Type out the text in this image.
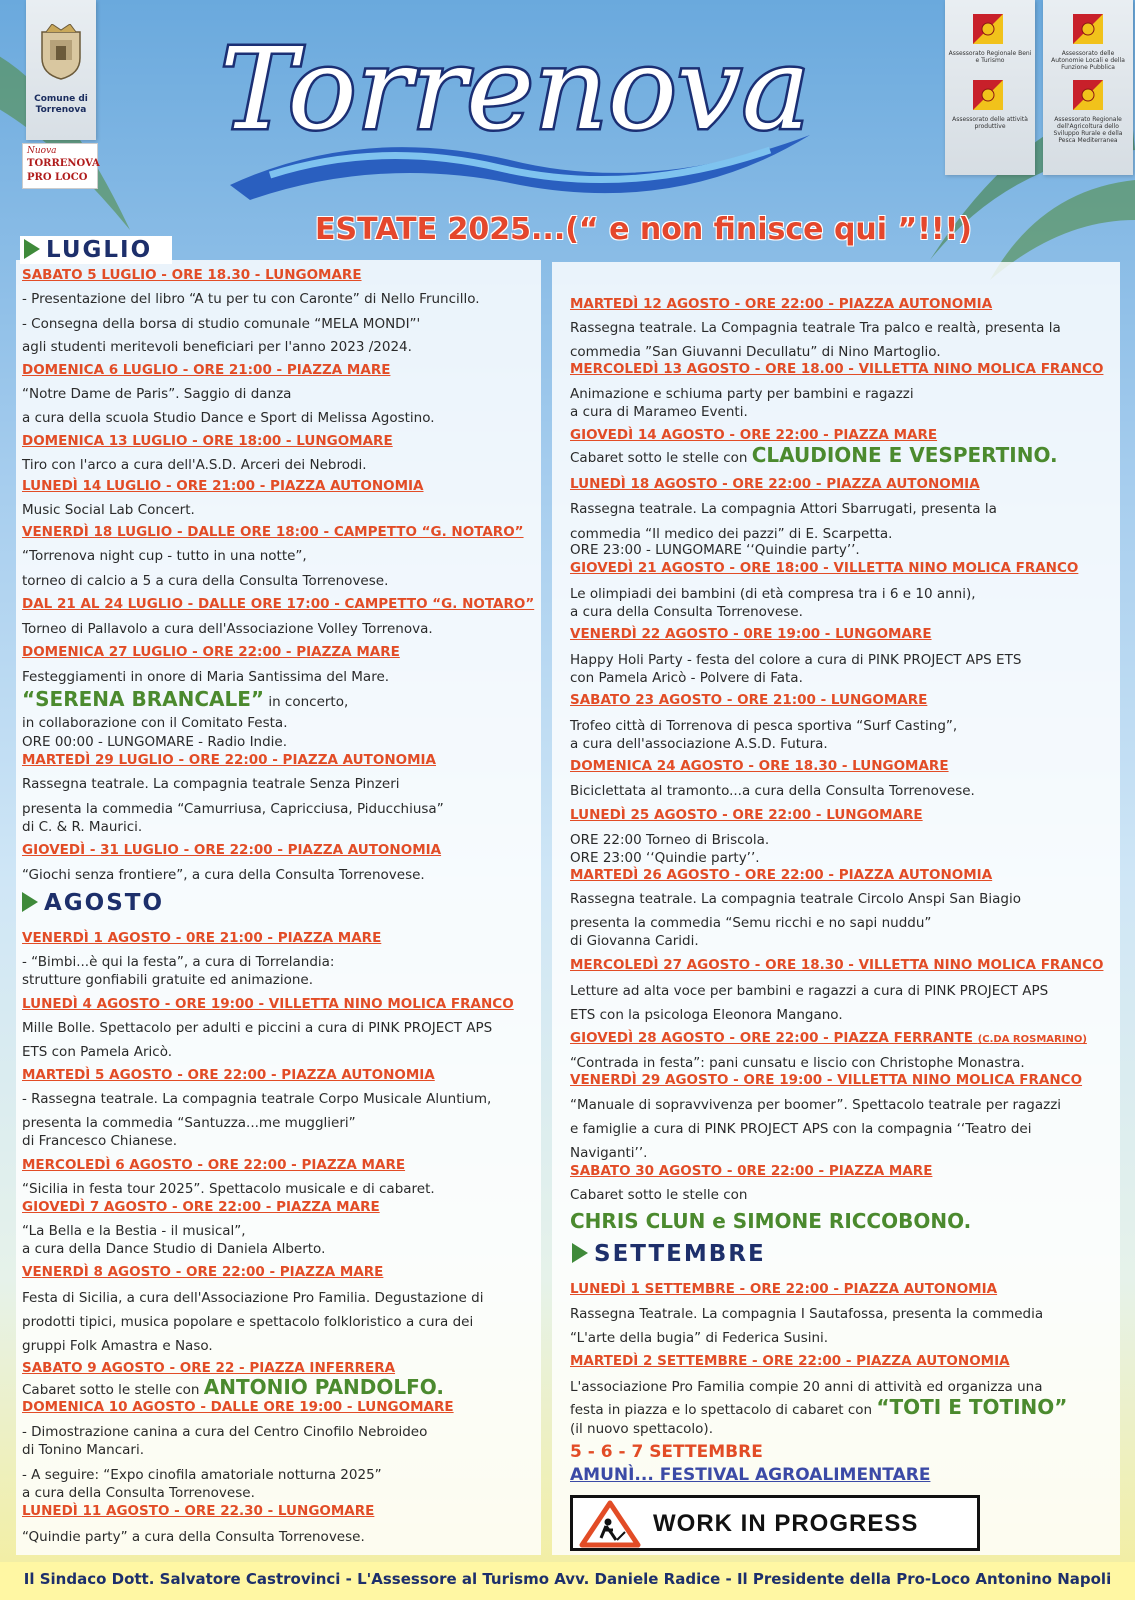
Comune di Torrenova
Nuova
TORRENOVA
PRO LOCO
Assessorato Regionale Beni e Turismo
Assessorato delle attività produttive
Assessorato delle Autonomie Locali e della Funzione Pubblica
Assessorato Regionale dell'Agricoltura dello Sviluppo Rurale e della Pesca Mediterranea
Torrenova
ESTATE 2025...(“ e non finisce qui ”!!!)
LUGLIO
SABATO 5 LUGLIO - ORE 18.30 - LUNGOMARE
- Presentazione del libro “A tu per tu con Caronte” di Nello Fruncillo.
- Consegna della borsa di studio comunale “MELA MONDI”'
agli studenti meritevoli beneficiari per l'anno 2023 /2024.
DOMENICA 6 LUGLIO - ORE 21:00 - PIAZZA MARE
“Notre Dame de Paris”. Saggio di danza
a cura della scuola Studio Dance e Sport di Melissa Agostino.
DOMENICA 13 LUGLIO - ORE 18:00 - LUNGOMARE
Tiro con l'arco a cura dell'A.S.D. Arceri dei Nebrodi.
LUNEDÌ 14 LUGLIO - ORE 21:00 - PIAZZA AUTONOMIA
Music Social Lab Concert.
VENERDÌ 18 LUGLIO - DALLE ORE 18:00 - CAMPETTO “G. NOTARO”
“Torrenova night cup - tutto in una notte”,
torneo di calcio a 5 a cura della Consulta Torrenovese.
DAL 21 AL 24 LUGLIO - DALLE ORE 17:00 - CAMPETTO “G. NOTARO”
Torneo di Pallavolo a cura dell'Associazione Volley Torrenova.
DOMENICA 27 LUGLIO - ORE 22:00 - PIAZZA MARE
Festeggiamenti in onore di Maria Santissima del Mare.
“SERENA BRANCALE” in concerto,
in collaborazione con il Comitato Festa.
ORE 00:00 - LUNGOMARE - Radio Indie.
MARTEDÌ 29 LUGLIO - ORE 22:00 - PIAZZA AUTONOMIA
Rassegna teatrale. La compagnia teatrale Senza Pinzeri
presenta la commedia “Camurriusa, Capricciusa, Piducchiusa”
di C. & R. Maurici.
GIOVEDÌ - 31 LUGLIO - ORE 22:00 - PIAZZA AUTONOMIA
“Giochi senza frontiere”, a cura della Consulta Torrenovese.
AGOSTO
VENERDÌ 1 AGOSTO - 0RE 21:00 - PIAZZA MARE
- “Bimbi...è qui la festa”, a cura di Torrelandia:
strutture gonfiabili gratuite ed animazione.
LUNEDÌ 4 AGOSTO - ORE 19:00 - VILLETTA NINO MOLICA FRANCO
Mille Bolle. Spettacolo per adulti e piccini a cura di PINK PROJECT APS
ETS con Pamela Aricò.
MARTEDÌ 5 AGOSTO - ORE 22:00 - PIAZZA AUTONOMIA
- Rassegna teatrale. La compagnia teatrale Corpo Musicale Aluntium,
presenta la commedia “Santuzza...me mugglieri”
di Francesco Chianese.
MERCOLEDÌ 6 AGOSTO - ORE 22:00 - PIAZZA MARE
“Sicilia in festa tour 2025”. Spettacolo musicale e di cabaret.
GIOVEDÌ 7 AGOSTO - ORE 22:00 - PIAZZA MARE
“La Bella e la Bestia - il musical”,
a cura della Dance Studio di Daniela Alberto.
VENERDÌ 8 AGOSTO - ORE 22:00 - PIAZZA MARE
Festa di Sicilia, a cura dell'Associazione Pro Familia. Degustazione di
prodotti tipici, musica popolare e spettacolo folkloristico a cura dei
gruppi Folk Amastra e Naso.
SABATO 9 AGOSTO - ORE 22 - PIAZZA INFERRERA
Cabaret sotto le stelle con ANTONIO PANDOLFO.
DOMENICA 10 AGOSTO - DALLE ORE 19:00 - LUNGOMARE
- Dimostrazione canina a cura del Centro Cinofilo Nebroideo
di Tonino Mancari.
- A seguire: “Expo cinofila amatoriale notturna 2025”
a cura della Consulta Torrenovese.
LUNEDÌ 11 AGOSTO - ORE 22.30 - LUNGOMARE
“Quindie party” a cura della Consulta Torrenovese.
MARTEDÌ 12 AGOSTO - ORE 22:00 - PIAZZA AUTONOMIA
Rassegna teatrale. La Compagnia teatrale Tra palco e realtà, presenta la
commedia ”San Giuvanni Decullatu” di Nino Martoglio.
MERCOLEDÌ 13 AGOSTO - ORE 18.00 - VILLETTA NINO MOLICA FRANCO
Animazione e schiuma party per bambini e ragazzi
a cura di Marameo Eventi.
GIOVEDÌ 14 AGOSTO - ORE 22:00 - PIAZZA MARE
Cabaret sotto le stelle con CLAUDIONE E VESPERTINO.
LUNEDÌ 18 AGOSTO - ORE 22:00 - PIAZZA AUTONOMIA
Rassegna teatrale. La compagnia Attori Sbarrugati, presenta la
commedia “Il medico dei pazzi” di E. Scarpetta.
ORE 23:00 - LUNGOMARE ‘‘Quindie party’’.
GIOVEDÌ 21 AGOSTO - ORE 18:00 - VILLETTA NINO MOLICA FRANCO
Le olimpiadi dei bambini (di età compresa tra i 6 e 10 anni),
a cura della Consulta Torrenovese.
VENERDÌ 22 AGOSTO - 0RE 19:00 - LUNGOMARE
Happy Holi Party - festa del colore a cura di PINK PROJECT APS ETS
con Pamela Aricò - Polvere di Fata.
SABATO 23 AGOSTO - ORE 21:00 - LUNGOMARE
Trofeo città di Torrenova di pesca sportiva “Surf Casting”,
a cura dell'associazione A.S.D. Futura.
DOMENICA 24 AGOSTO - ORE 18.30 - LUNGOMARE
Biciclettata al tramonto...a cura della Consulta Torrenovese.
LUNEDÌ 25 AGOSTO - ORE 22:00 - LUNGOMARE
ORE 22:00 Torneo di Briscola.
ORE 23:00 ‘‘Quindie party’’.
MARTEDÌ 26 AGOSTO - ORE 22:00 - PIAZZA AUTONOMIA
Rassegna teatrale. La compagnia teatrale Circolo Anspi San Biagio
presenta la commedia “Semu ricchi e no sapi nuddu”
di Giovanna Caridi.
MERCOLEDÌ 27 AGOSTO - ORE 18.30 - VILLETTA NINO MOLICA FRANCO
Letture ad alta voce per bambini e ragazzi a cura di PINK PROJECT APS
ETS con la psicologa Eleonora Mangano.
GIOVEDÌ 28 AGOSTO - ORE 22:00 - PIAZZA FERRANTE (C.DA ROSMARINO)
“Contrada in festa”: pani cunsatu e liscio con Christophe Monastra.
VENERDÌ 29 AGOSTO - ORE 19:00 - VILLETTA NINO MOLICA FRANCO
“Manuale di sopravvivenza per boomer”. Spettacolo teatrale per ragazzi
e famiglie a cura di PINK PROJECT APS con la compagnia ‘‘Teatro dei
Naviganti’’.
SABATO 30 AGOSTO - 0RE 22:00 - PIAZZA MARE
Cabaret sotto le stelle con
CHRIS CLUN e SIMONE RICCOBONO.
SETTEMBRE
LUNEDÌ 1 SETTEMBRE - ORE 22:00 - PIAZZA AUTONOMIA
Rassegna Teatrale. La compagnia I Sautafossa, presenta la commedia
“L'arte della bugia” di Federica Susini.
MARTEDÌ 2 SETTEMBRE - ORE 22:00 - PIAZZA AUTONOMIA
L'associazione Pro Familia compie 20 anni di attività ed organizza una
festa in piazza e lo spettacolo di cabaret con “TOTI E TOTINO”
(il nuovo spettacolo).
5 - 6 - 7 SETTEMBRE
AMUNÌ... FESTIVAL AGROALIMENTARE
WORK IN PROGRESS
Il Sindaco Dott. Salvatore Castrovinci - L'Assessore al Turismo Avv. Daniele Radice - Il Presidente della Pro-Loco Antonino Napoli
